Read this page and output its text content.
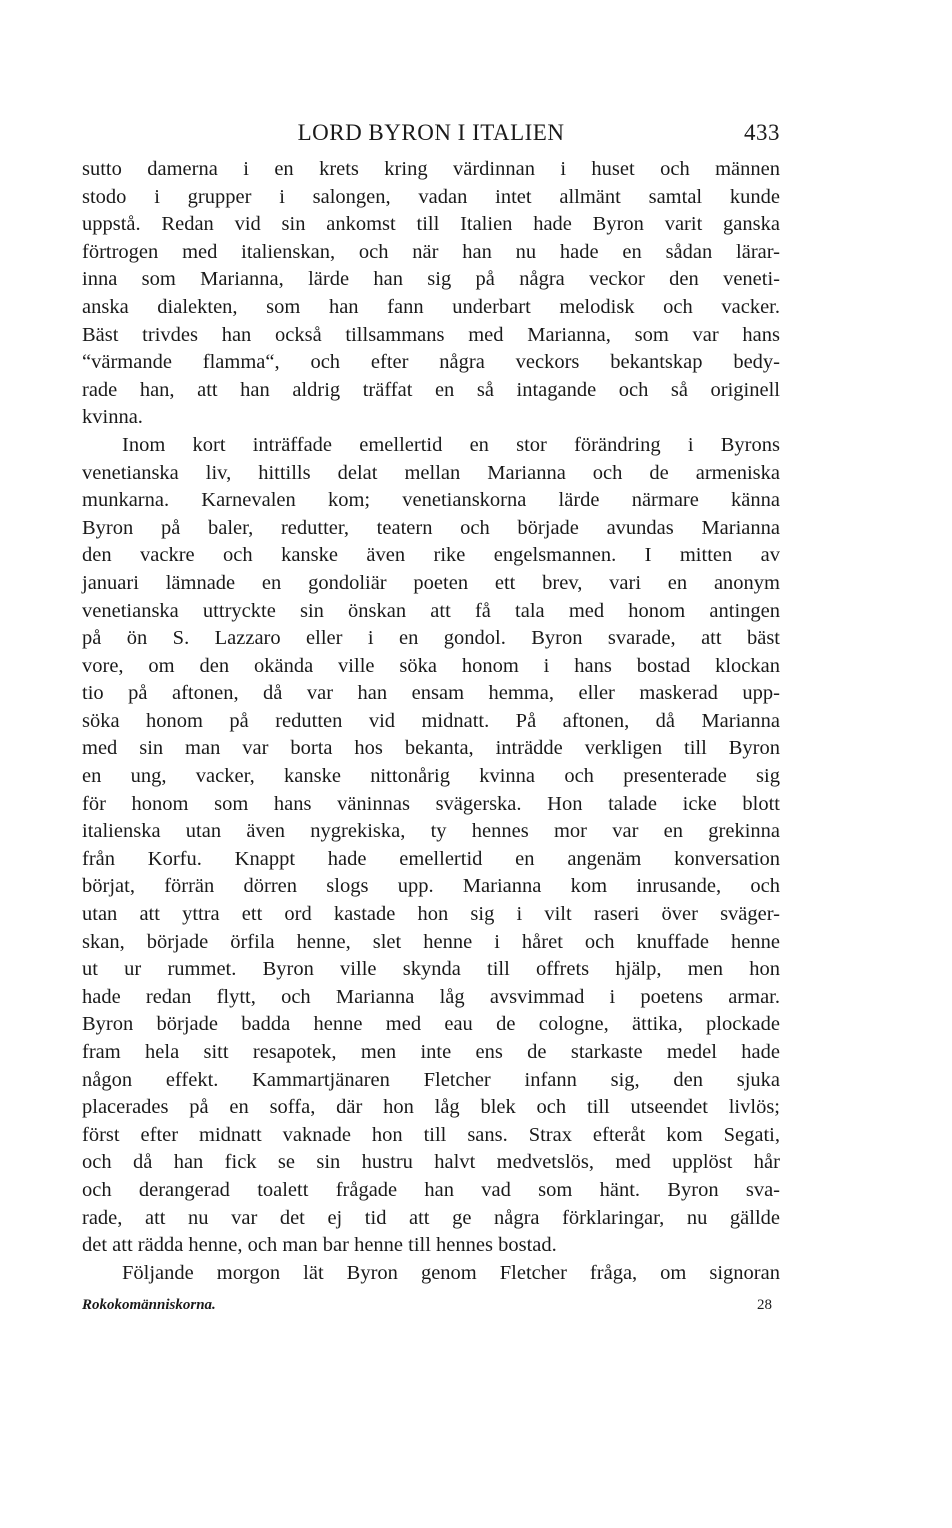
LORD BYRON I ITALIEN	433
sutto damerna i en krets kring värdinnan i huset och männen
stodo i grupper i salongen, vadan intet allmänt samtal kunde
uppstå. Redan vid sin ankomst till Italien hade Byron varit ganska
förtrogen med italienskan, och när han nu hade en sådan lärar-
inna som Marianna, lärde han sig på några veckor den veneti-
anska dialekten, som han fann underbart melodisk och vacker.
Bäst trivdes han också tillsammans med Marianna, som var hans
“värmande flamma“, och efter några veckors bekantskap bedy-
rade han, att han aldrig träffat en så intagande och så originell
kvinna.
Inom kort inträffade emellertid en stor förändring i Byrons
venetianska liv, hittills delat mellan Marianna och de armeniska
munkarna. Karnevalen kom; venetianskorna lärde närmare känna
Byron på baler, redutter, teatern och började avundas Marianna
den vackre och kanske även rike engelsmannen. I mitten av
januari lämnade en gondoliär poeten ett brev, vari en anonym
venetianska uttryckte sin önskan att få tala med honom antingen
på ön S. Lazzaro eller i en gondol. Byron svarade, att bäst
vore, om den okända ville söka honom i hans bostad klockan
tio på aftonen, då var han ensam hemma, eller maskerad upp-
söka honom på redutten vid midnatt. På aftonen, då Marianna
med sin man var borta hos bekanta, inträdde verkligen till Byron
en ung, vacker, kanske nittonårig kvinna och presenterade sig
för honom som hans väninnas svägerska. Hon talade icke blott
italienska utan även nygrekiska, ty hennes mor var en grekinna
från Korfu. Knappt hade emellertid en angenäm konversation
börjat, förrän dörren slogs upp. Marianna kom inrusande, och
utan att yttra ett ord kastade hon sig i vilt raseri över sväger-
skan, började örfila henne, slet henne i håret och knuffade henne
ut ur rummet. Byron ville skynda till offrets hjälp, men hon
hade redan flytt, och Marianna låg avsvimmad i poetens armar.
Byron började badda henne med eau de cologne, ättika, plockade
fram hela sitt resapotek, men inte ens de starkaste medel hade
någon effekt. Kammartjänaren Fletcher infann sig, den sjuka
placerades på en soffa, där hon låg blek och till utseendet livlös;
först efter midnatt vaknade hon till sans. Strax efteråt kom Segati,
och då han fick se sin hustru halvt medvetslös, med upplöst hår
och derangerad toalett frågade han vad som hänt. Byron sva-
rade, att nu var det ej tid att ge några förklaringar, nu gällde
det att rädda henne, och man bar henne till hennes bostad.
Följande morgon lät Byron genom Fletcher fråga, om signoran
Rokokomänniskorna.	28
